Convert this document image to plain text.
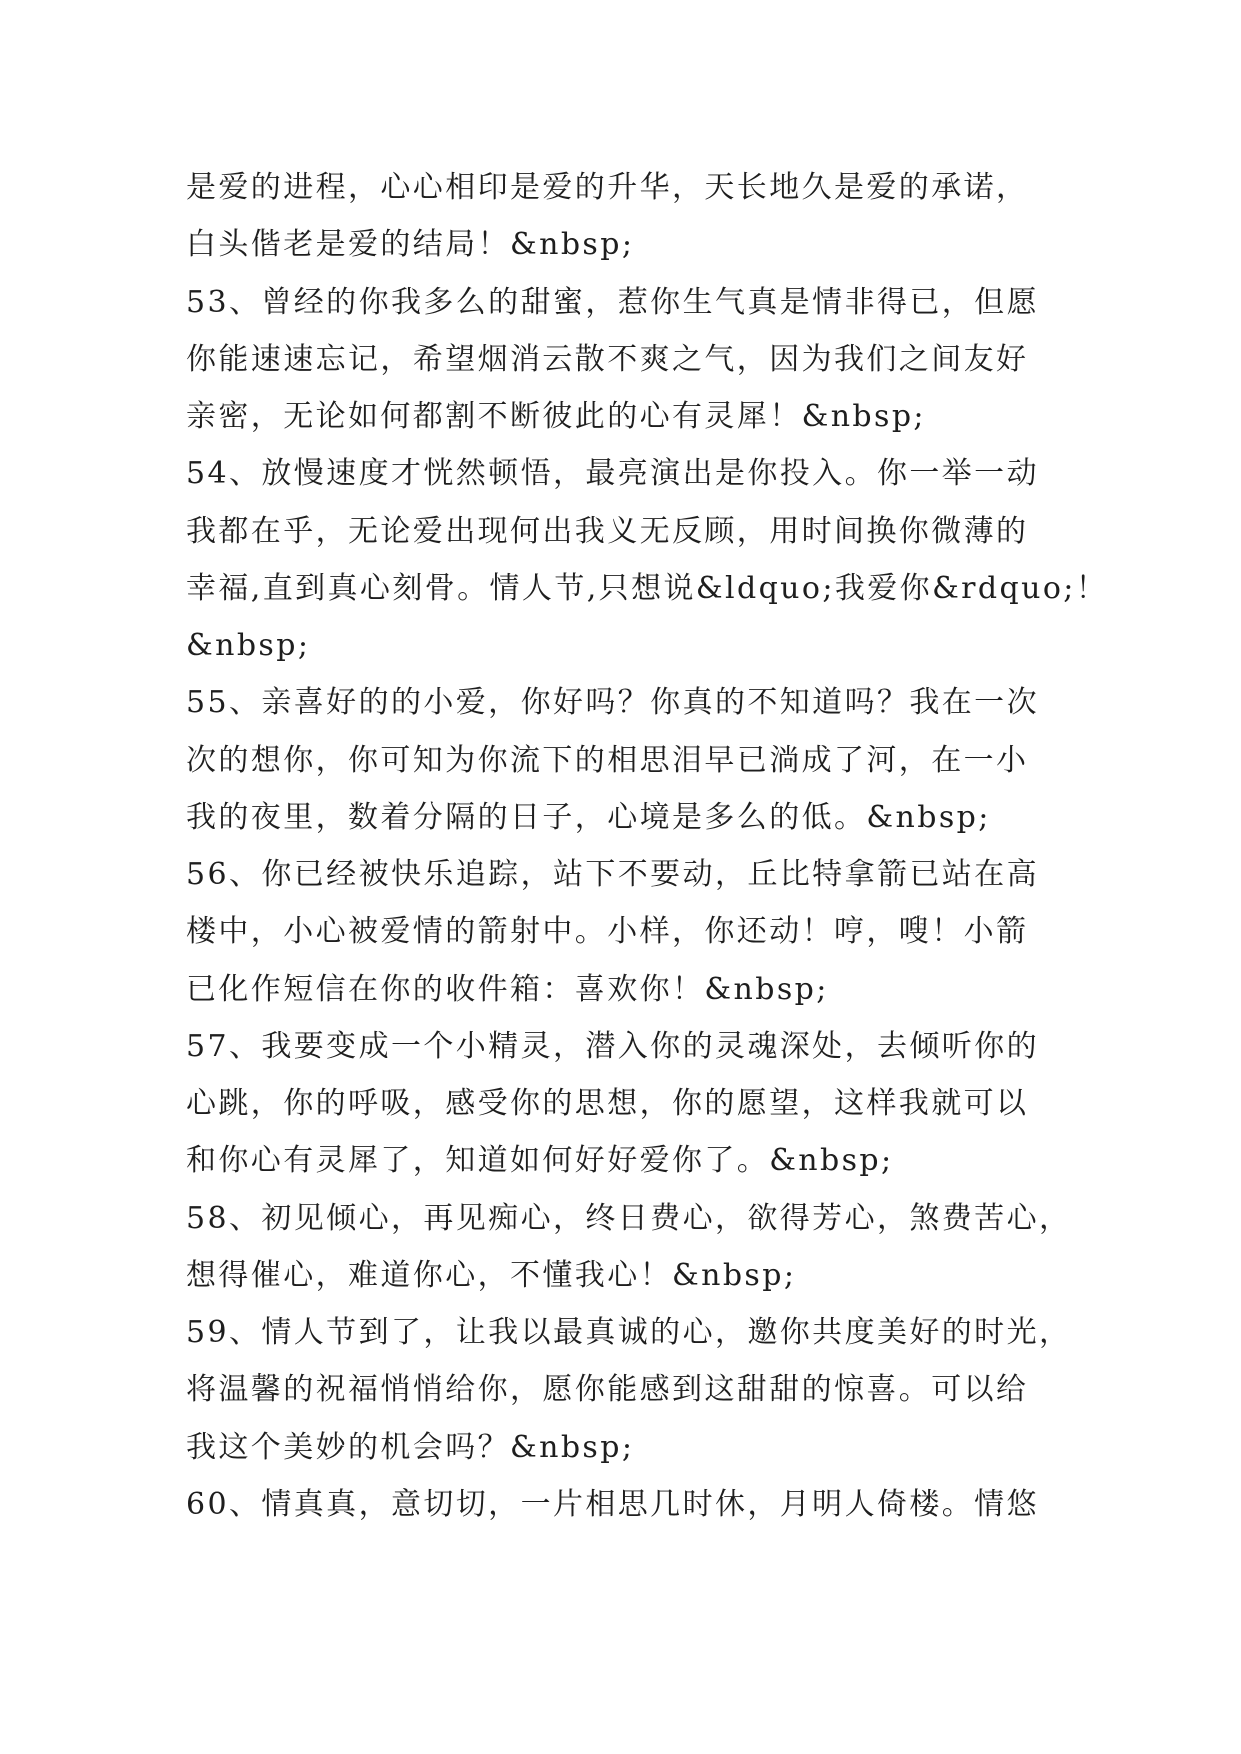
是爱的进程，心心相印是爱的升华，天长地久是爱的承诺，
白头偕老是爱的结局！&nbsp;
53、曾经的你我多么的甜蜜，惹你生气真是情非得已，但愿
你能速速忘记，希望烟消云散不爽之气，因为我们之间友好
亲密，无论如何都割不断彼此的心有灵犀！&nbsp;
54、放慢速度才恍然顿悟，最亮演出是你投入。你一举一动
我都在乎，无论爱出现何出我义无反顾，用时间换你微薄的
幸福,直到真心刻骨。情人节,只想说&ldquo;我爱你&rdquo;！
&nbsp;
55、亲喜好的的小爱，你好吗？你真的不知道吗？我在一次
次的想你，你可知为你流下的相思泪早已淌成了河，在一小
我的夜里，数着分隔的日子，心境是多么的低。&nbsp;
56、你已经被快乐追踪，站下不要动，丘比特拿箭已站在高
楼中，小心被爱情的箭射中。小样，你还动！哼，嗖！小箭
已化作短信在你的收件箱：喜欢你！&nbsp;
57、我要变成一个小精灵，潜入你的灵魂深处，去倾听你的
心跳，你的呼吸，感受你的思想，你的愿望，这样我就可以
和你心有灵犀了，知道如何好好爱你了。&nbsp;
58、初见倾心，再见痴心，终日费心，欲得芳心，煞费苦心，
想得催心，难道你心，不懂我心！&nbsp;
59、情人节到了，让我以最真诚的心，邀你共度美好的时光，
将温馨的祝福悄悄给你，愿你能感到这甜甜的惊喜。可以给
我这个美妙的机会吗？&nbsp;
60、情真真，意切切，一片相思几时休，月明人倚楼。情悠
